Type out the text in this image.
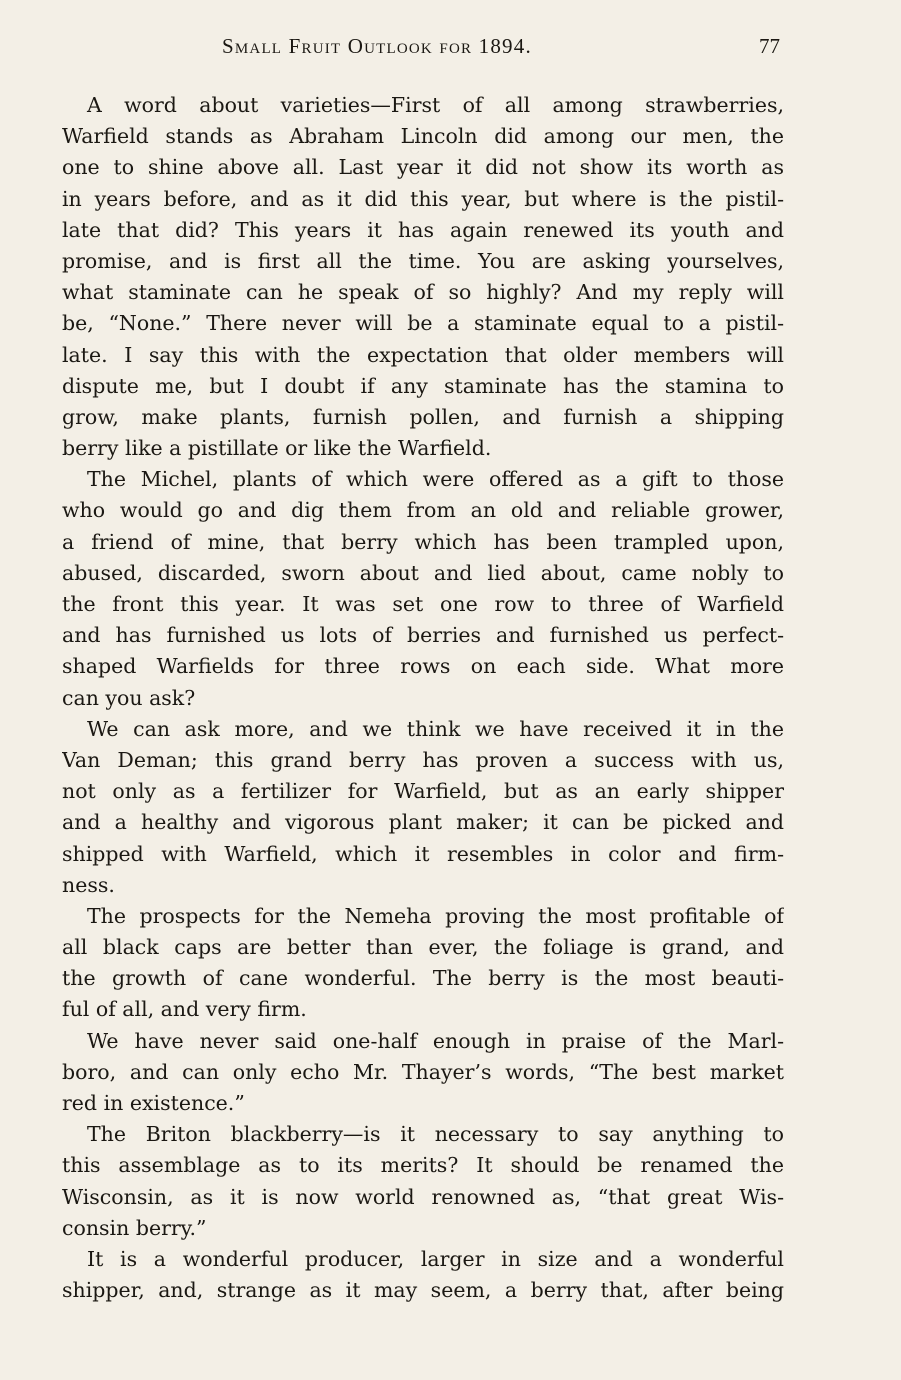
Small Fruit Outlook for 1894.	77

A word about varieties—First of all among strawberries,
Warfield stands as Abraham Lincoln did among our men, the
one to shine above all. Last year it did not show its worth as
in years before, and as it did this year, but where is the pistil-
late that did? This years it has again renewed its youth and
promise, and is first all the time. You are asking yourselves,
what staminate can he speak of so highly? And my reply will
be, “None.” There never will be a staminate equal to a pistil-
late. I say this with the expectation that older members will
dispute me, but I doubt if any staminate has the stamina to
grow, make plants, furnish pollen, and furnish a shipping
berry like a pistillate or like the Warfield.

The Michel, plants of which were offered as a gift to those
who would go and dig them from an old and reliable grower,
a friend of mine, that berry which has been trampled upon,
abused, discarded, sworn about and lied about, came nobly to
the front this year. It was set one row to three of Warfield
and has furnished us lots of berries and furnished us perfect-
shaped Warfields for three rows on each side. What more
can you ask?

We can ask more, and we think we have received it in the
Van Deman; this grand berry has proven a success with us,
not only as a fertilizer for Warfield, but as an early shipper
and a healthy and vigorous plant maker; it can be picked and
shipped with Warfield, which it resembles in color and firm-
ness.

The prospects for the Nemeha proving the most profitable of
all black caps are better than ever, the foliage is grand, and
the growth of cane wonderful. The berry is the most beauti-
ful of all, and very firm.

We have never said one-half enough in praise of the Marl-
boro, and can only echo Mr. Thayer’s words, “The best market
red in existence.”

The Briton blackberry—is it necessary to say anything to
this assemblage as to its merits? It should be renamed the
Wisconsin, as it is now world renowned as, “that great Wis-
consin berry.”

It is a wonderful producer, larger in size and a wonderful
shipper, and, strange as it may seem, a berry that, after being
